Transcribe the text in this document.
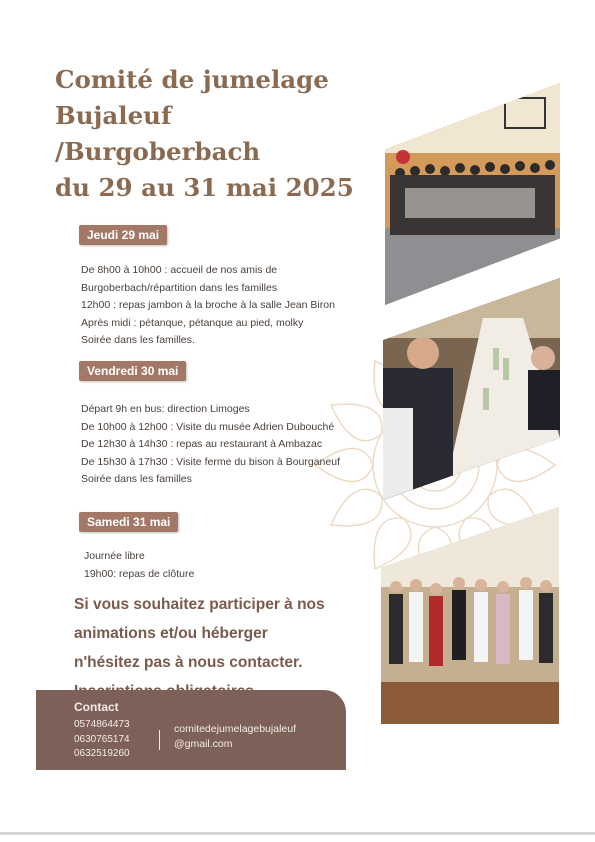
Comité de jumelage
Bujaleuf
/Burgoberbach
du 29 au 31 mai 2025
Jeudi 29 mai
De 8h00 à 10h00 : accueil de nos amis de
Burgoberbach/répartition dans les familles
12h00 : repas jambon à la broche à la salle Jean Biron
Après midi : pétanque, pétanque au pied, molky
Soirée dans les familles.
Vendredi 30 mai
Départ 9h en bus: direction Limoges
De 10h00 à 12h00 : Visite du musée Adrien Dubouché
De 12h30 à 14h30 : repas au restaurant à Ambazac
De 15h30 à 17h30 : Visite ferme du bison à Bourganeuf
Soirée dans les familles
Samedi 31 mai
Journée libre
19h00: repas de clôture
Si vous souhaitez participer à nos
animations et/ou héberger
n'hésitez pas à nous contacter.
Contact
0574864473
0630765174
0632519260
comitedejumelagebujaleuf
@gmail.com
